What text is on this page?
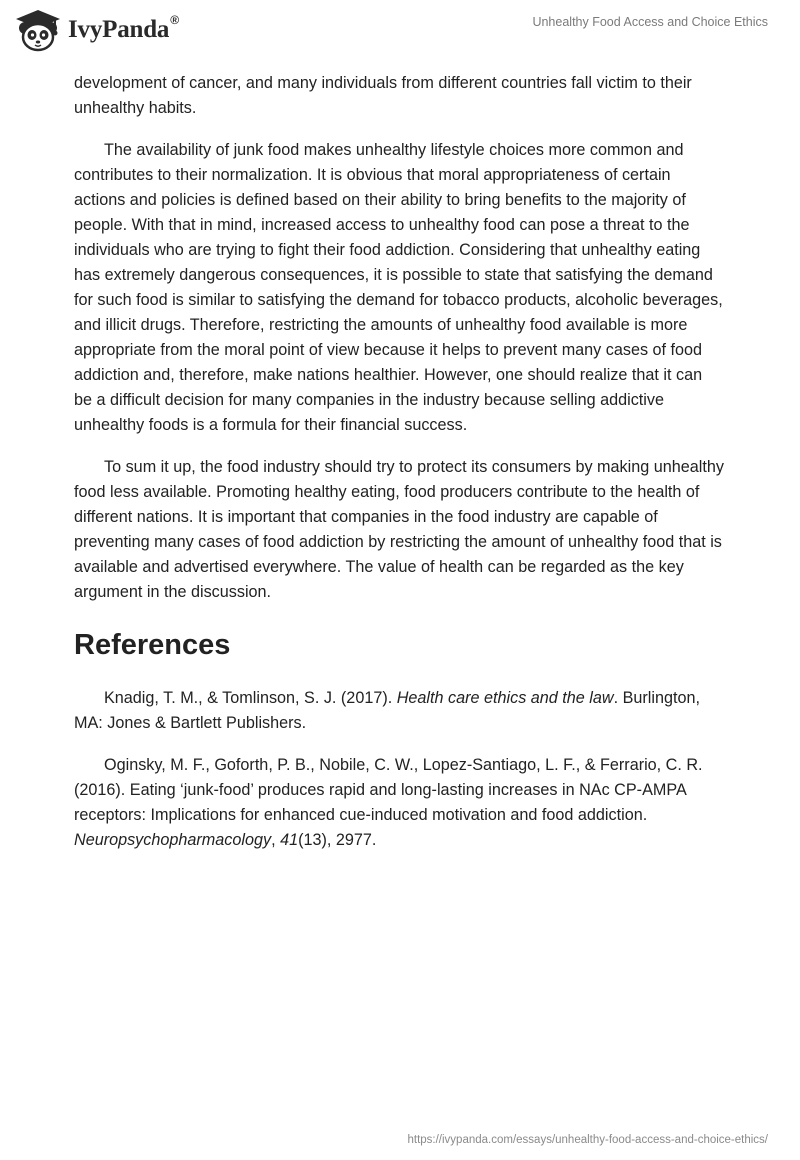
IvyPanda®	Unhealthy Food Access and Choice Ethics

development of cancer, and many individuals from different countries fall victim to their unhealthy habits.

The availability of junk food makes unhealthy lifestyle choices more common and contributes to their normalization. It is obvious that moral appropriateness of certain actions and policies is defined based on their ability to bring benefits to the majority of people. With that in mind, increased access to unhealthy food can pose a threat to the individuals who are trying to fight their food addiction. Considering that unhealthy eating has extremely dangerous consequences, it is possible to state that satisfying the demand for such food is similar to satisfying the demand for tobacco products, alcoholic beverages, and illicit drugs. Therefore, restricting the amounts of unhealthy food available is more appropriate from the moral point of view because it helps to prevent many cases of food addiction and, therefore, make nations healthier. However, one should realize that it can be a difficult decision for many companies in the industry because selling addictive unhealthy foods is a formula for their financial success.

To sum it up, the food industry should try to protect its consumers by making unhealthy food less available. Promoting healthy eating, food producers contribute to the health of different nations. It is important that companies in the food industry are capable of preventing many cases of food addiction by restricting the amount of unhealthy food that is available and advertised everywhere. The value of health can be regarded as the key argument in the discussion.

References

Knadig, T. M., & Tomlinson, S. J. (2017). Health care ethics and the law. Burlington, MA: Jones & Bartlett Publishers.

Oginsky, M. F., Goforth, P. B., Nobile, C. W., Lopez-Santiago, L. F., & Ferrario, C. R. (2016). Eating ‘junk-food’ produces rapid and long-lasting increases in NAc CP-AMPA receptors: Implications for enhanced cue-induced motivation and food addiction. Neuropsychopharmacology, 41(13), 2977.

https://ivypanda.com/essays/unhealthy-food-access-and-choice-ethics/
